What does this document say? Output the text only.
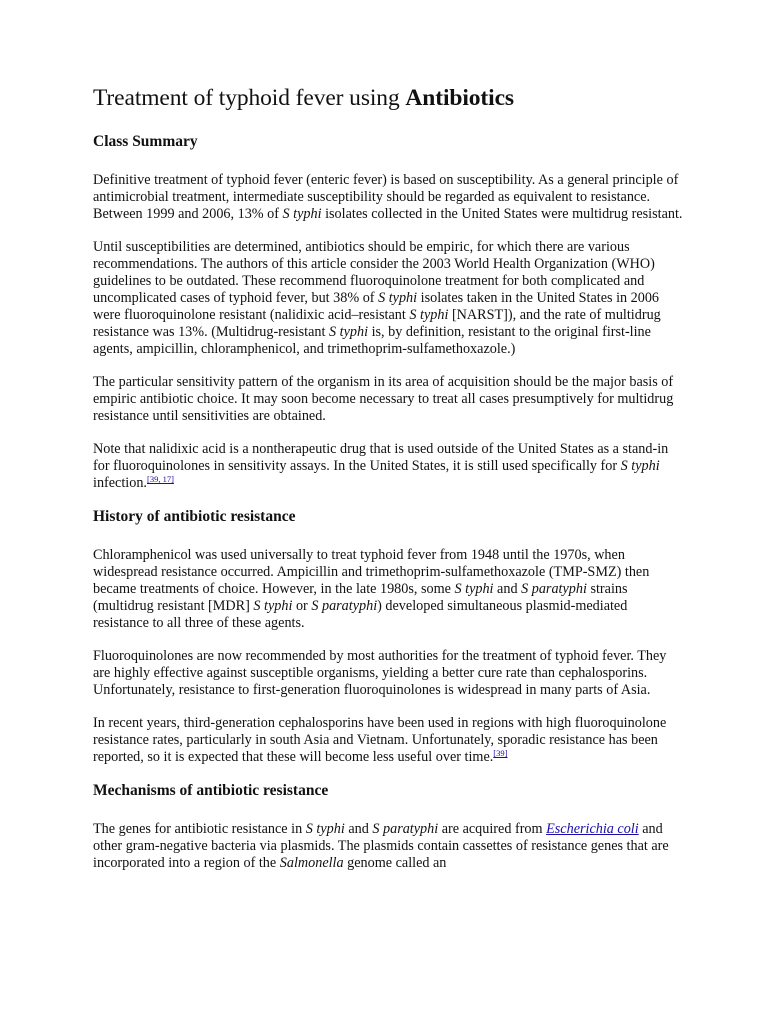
Treatment of typhoid fever using Antibiotics
Class Summary

Definitive treatment of typhoid fever (enteric fever) is based on susceptibility. As a general principle of antimicrobial treatment, intermediate susceptibility should be regarded as equivalent to resistance. Between 1999 and 2006, 13% of S typhi isolates collected in the United States were multidrug resistant.

Until susceptibilities are determined, antibiotics should be empiric, for which there are various recommendations. The authors of this article consider the 2003 World Health Organization (WHO) guidelines to be outdated. These recommend fluoroquinolone treatment for both complicated and uncomplicated cases of typhoid fever, but 38% of S typhi isolates taken in the United States in 2006 were fluoroquinolone resistant (nalidixic acid–resistant S typhi [NARST]), and the rate of multidrug resistance was 13%. (Multidrug-resistant S typhi is, by definition, resistant to the original first-line agents, ampicillin, chloramphenicol, and trimethoprim-sulfamethoxazole.)

The particular sensitivity pattern of the organism in its area of acquisition should be the major basis of empiric antibiotic choice. It may soon become necessary to treat all cases presumptively for multidrug resistance until sensitivities are obtained.

Note that nalidixic acid is a nontherapeutic drug that is used outside of the United States as a stand-in for fluoroquinolones in sensitivity assays. In the United States, it is still used specifically for S typhi infection.[39, 17]

History of antibiotic resistance

Chloramphenicol was used universally to treat typhoid fever from 1948 until the 1970s, when widespread resistance occurred. Ampicillin and trimethoprim-sulfamethoxazole (TMP-SMZ) then became treatments of choice. However, in the late 1980s, some S typhi and S paratyphi strains (multidrug resistant [MDR] S typhi or S paratyphi) developed simultaneous plasmid-mediated resistance to all three of these agents.

Fluoroquinolones are now recommended by most authorities for the treatment of typhoid fever. They are highly effective against susceptible organisms, yielding a better cure rate than cephalosporins. Unfortunately, resistance to first-generation fluoroquinolones is widespread in many parts of Asia.

In recent years, third-generation cephalosporins have been used in regions with high fluoroquinolone resistance rates, particularly in south Asia and Vietnam. Unfortunately, sporadic resistance has been reported, so it is expected that these will become less useful over time.[39]

Mechanisms of antibiotic resistance

The genes for antibiotic resistance in S typhi and S paratyphi are acquired from Escherichia coli and other gram-negative bacteria via plasmids. The plasmids contain cassettes of resistance genes that are incorporated into a region of the Salmonella genome called an
